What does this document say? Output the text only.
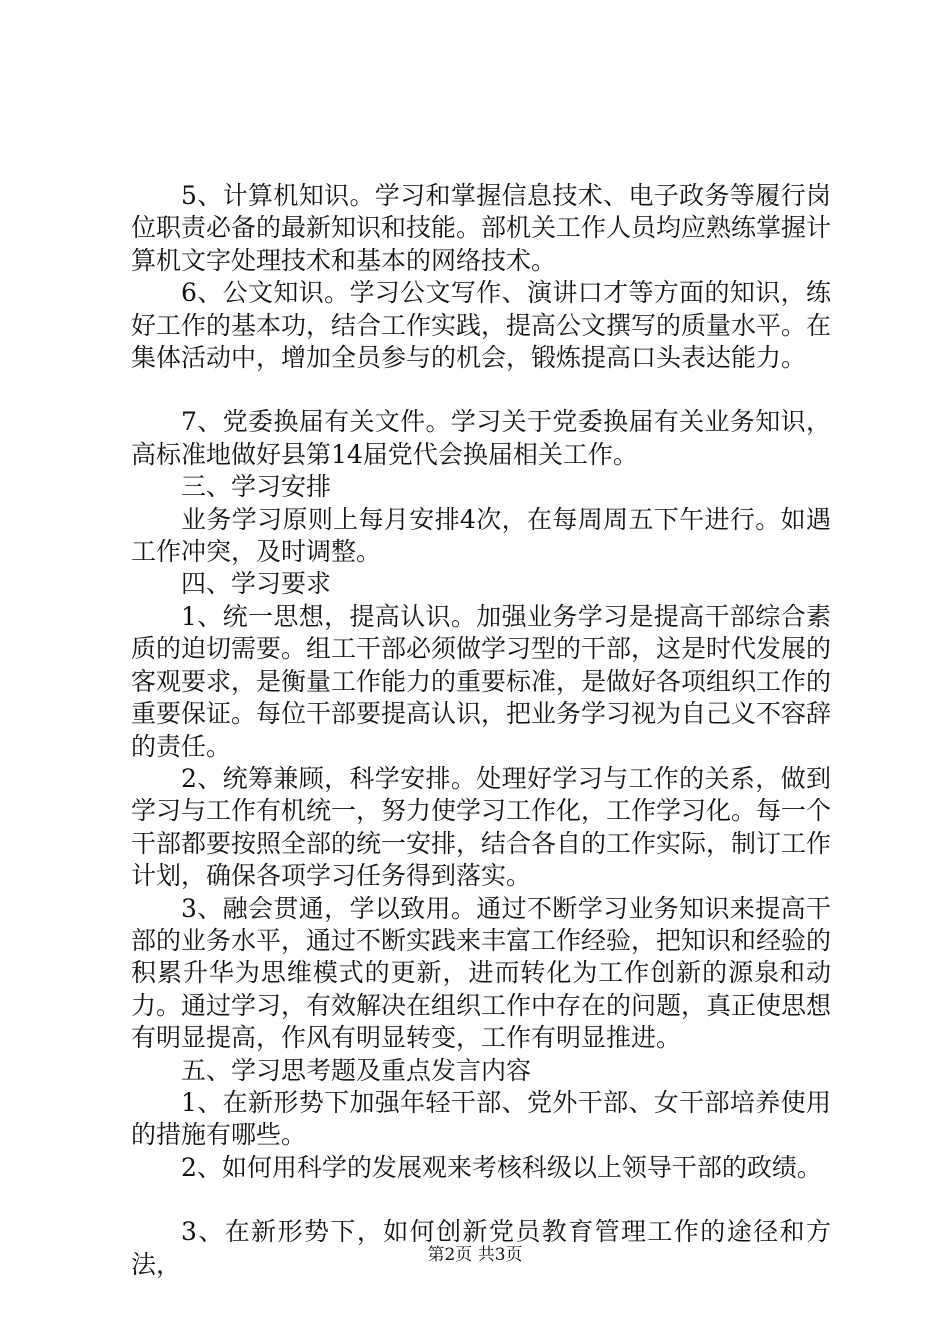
5、计算机知识。学习和掌握信息技术、电子政务等履行岗位职责必备的最新知识和技能。部机关工作人员均应熟练掌握计算机文字处理技术和基本的网络技术。

6、公文知识。学习公文写作、演讲口才等方面的知识，练好工作的基本功，结合工作实践，提高公文撰写的质量水平。在集体活动中，增加全员参与的机会，锻炼提高口头表达能力。

7、党委换届有关文件。学习关于党委换届有关业务知识，高标准地做好县第14届党代会换届相关工作。

三、学习安排

业务学习原则上每月安排4次，在每周周五下午进行。如遇工作冲突，及时调整。

四、学习要求

1、统一思想，提高认识。加强业务学习是提高干部综合素质的迫切需要。组工干部必须做学习型的干部，这是时代发展的客观要求，是衡量工作能力的重要标准，是做好各项组织工作的重要保证。每位干部要提高认识，把业务学习视为自己义不容辞的责任。

2、统筹兼顾，科学安排。处理好学习与工作的关系，做到学习与工作有机统一，努力使学习工作化，工作学习化。每一个干部都要按照全部的统一安排，结合各自的工作实际，制订工作计划，确保各项学习任务得到落实。

3、融会贯通，学以致用。通过不断学习业务知识来提高干部的业务水平，通过不断实践来丰富工作经验，把知识和经验的积累升华为思维模式的更新，进而转化为工作创新的源泉和动力。通过学习，有效解决在组织工作中存在的问题，真正使思想有明显提高，作风有明显转变，工作有明显推进。

五、学习思考题及重点发言内容

1、在新形势下加强年轻干部、党外干部、女干部培养使用的措施有哪些。

2、如何用科学的发展观来考核科级以上领导干部的政绩。

3、在新形势下，如何创新党员教育管理工作的途径和方法，	第2页 共3页
